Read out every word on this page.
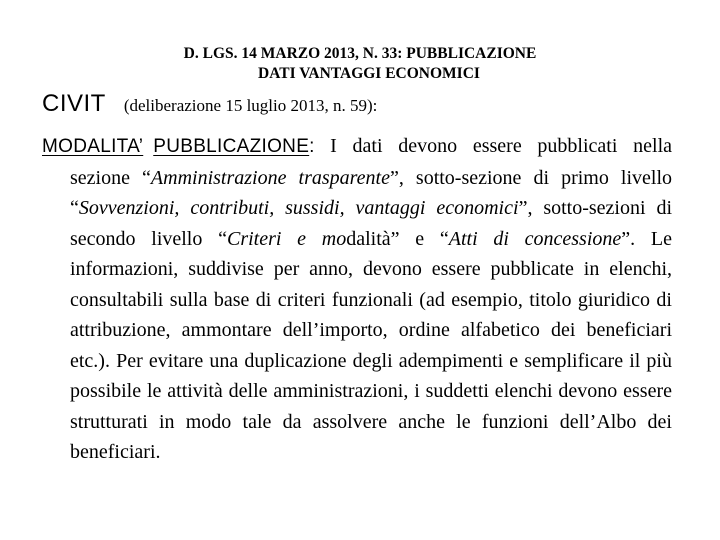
D. LGS. 14 MARZO 2013, N. 33: PUBBLICAZIONE
DATI VANTAGGI ECONOMICI
CIVIT (deliberazione 15 luglio 2013, n. 59):
MODALITA’ PUBBLICAZIONE: I dati devono essere pubblicati nella sezione “Amministrazione trasparente”, sotto-sezione di primo livello “Sovvenzioni, contributi, sussidi, vantaggi economici”, sotto-sezioni di secondo livello “Criteri e modalità” e “Atti di concessione”. Le informazioni, suddivise per anno, devono essere pubblicate in elenchi, consultabili sulla base di criteri funzionali (ad esempio, titolo giuridico di attribuzione, ammontare dell’importo, ordine alfabetico dei beneficiari etc.). Per evitare una duplicazione degli adempimenti e semplificare il più possibile le attività delle amministrazioni, i suddetti elenchi devono essere strutturati in modo tale da assolvere anche le funzioni dell’Albo dei beneficiari.
